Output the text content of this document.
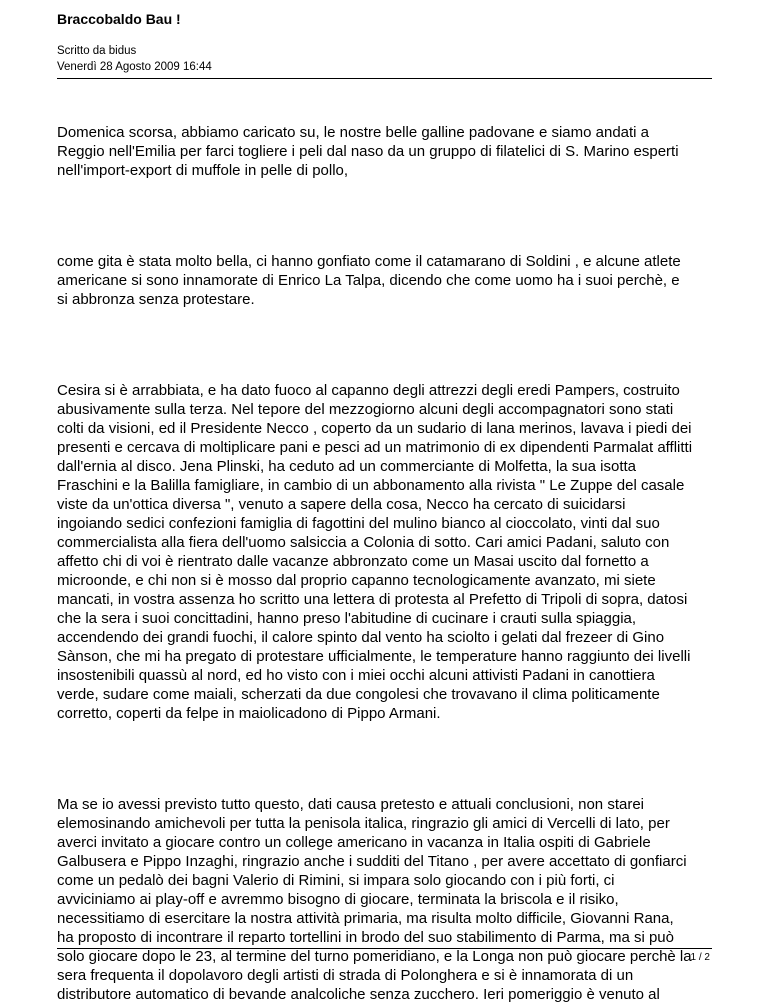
Braccobaldo Bau !
Scritto da bidus
Venerdì 28 Agosto 2009 16:44

Domenica scorsa, abbiamo caricato su, le nostre belle galline padovane e siamo andati a
Reggio nell'Emilia per farci togliere i peli dal naso da un gruppo di filatelici di S. Marino esperti
nell'import-export di muffole in pelle di pollo,

come gita è stata molto bella, ci hanno gonfiato come il catamarano di Soldini , e alcune atlete
americane si sono innamorate di Enrico La Talpa, dicendo che come uomo ha i suoi perchè, e
si abbronza senza protestare.

Cesira si è arrabbiata, e ha dato fuoco al capanno degli attrezzi degli eredi Pampers, costruito
abusivamente sulla terza. Nel tepore del mezzogiorno alcuni degli accompagnatori sono stati
colti da visioni, ed il Presidente Necco , coperto da un sudario di lana merinos, lavava i piedi dei
presenti e cercava di moltiplicare pani e pesci ad un matrimonio di ex dipendenti Parmalat afflitti
dall'ernia al disco. Jena Plinski, ha ceduto ad un commerciante di Molfetta, la sua isotta
Fraschini e la Balilla famigliare, in cambio di un abbonamento alla rivista " Le Zuppe del casale
viste da un'ottica diversa ", venuto a sapere della cosa, Necco ha cercato di suicidarsi
ingoiando sedici confezioni famiglia di fagottini del mulino bianco al cioccolato, vinti dal suo
commercialista alla fiera dell'uomo salsiccia a Colonia di sotto. Cari amici Padani, saluto con
affetto chi di voi è rientrato dalle vacanze abbronzato come un Masai uscito dal fornetto a
microonde, e chi non si è mosso dal proprio capanno tecnologicamente avanzato, mi siete
mancati, in vostra assenza ho scritto una lettera di protesta al Prefetto di Tripoli di sopra, datosi
che la sera i suoi concittadini, hanno preso l'abitudine di cucinare i crauti sulla spiaggia,
accendendo dei grandi fuochi, il calore spinto dal vento ha sciolto i gelati dal frezeer di Gino
Sànson, che mi ha pregato di protestare ufficialmente, le temperature hanno raggiunto dei livelli
insostenibili quassù al nord, ed ho visto con i miei occhi alcuni attivisti Padani in canottiera
verde, sudare come maiali, scherzati da due congolesi che trovavano il clima politicamente
corretto, coperti da felpe in maiolicadono di Pippo Armani.

Ma se io avessi previsto tutto questo, dati causa pretesto e attuali conclusioni, non starei
elemosinando amichevoli per tutta la penisola italica, ringrazio gli amici di Vercelli di lato, per
averci invitato a giocare contro un college americano in vacanza in Italia ospiti di Gabriele
Galbusera e Pippo Inzaghi, ringrazio anche i sudditi del Titano , per avere accettato di gonfiarci
come un pedalò dei bagni Valerio di Rimini, si impara solo giocando con i più forti, ci
avviciniamo ai play-off e avremmo bisogno di giocare, terminata la briscola e il risiko,
necessitiamo di esercitare la nostra attività primaria, ma risulta molto difficile, Giovanni Rana,
ha proposto di incontrare il reparto tortellini in brodo del suo stabilimento di Parma, ma si può
solo giocare dopo le 23, al termine del turno pomeridiano, e la Longa non può giocare perchè la
sera frequenta il dopolavoro degli artisti di strada di Polonghera e si è innamorata di un
distributore automatico di bevande analcoliche senza zucchero. Ieri pomeriggio è venuto al

1 / 2
